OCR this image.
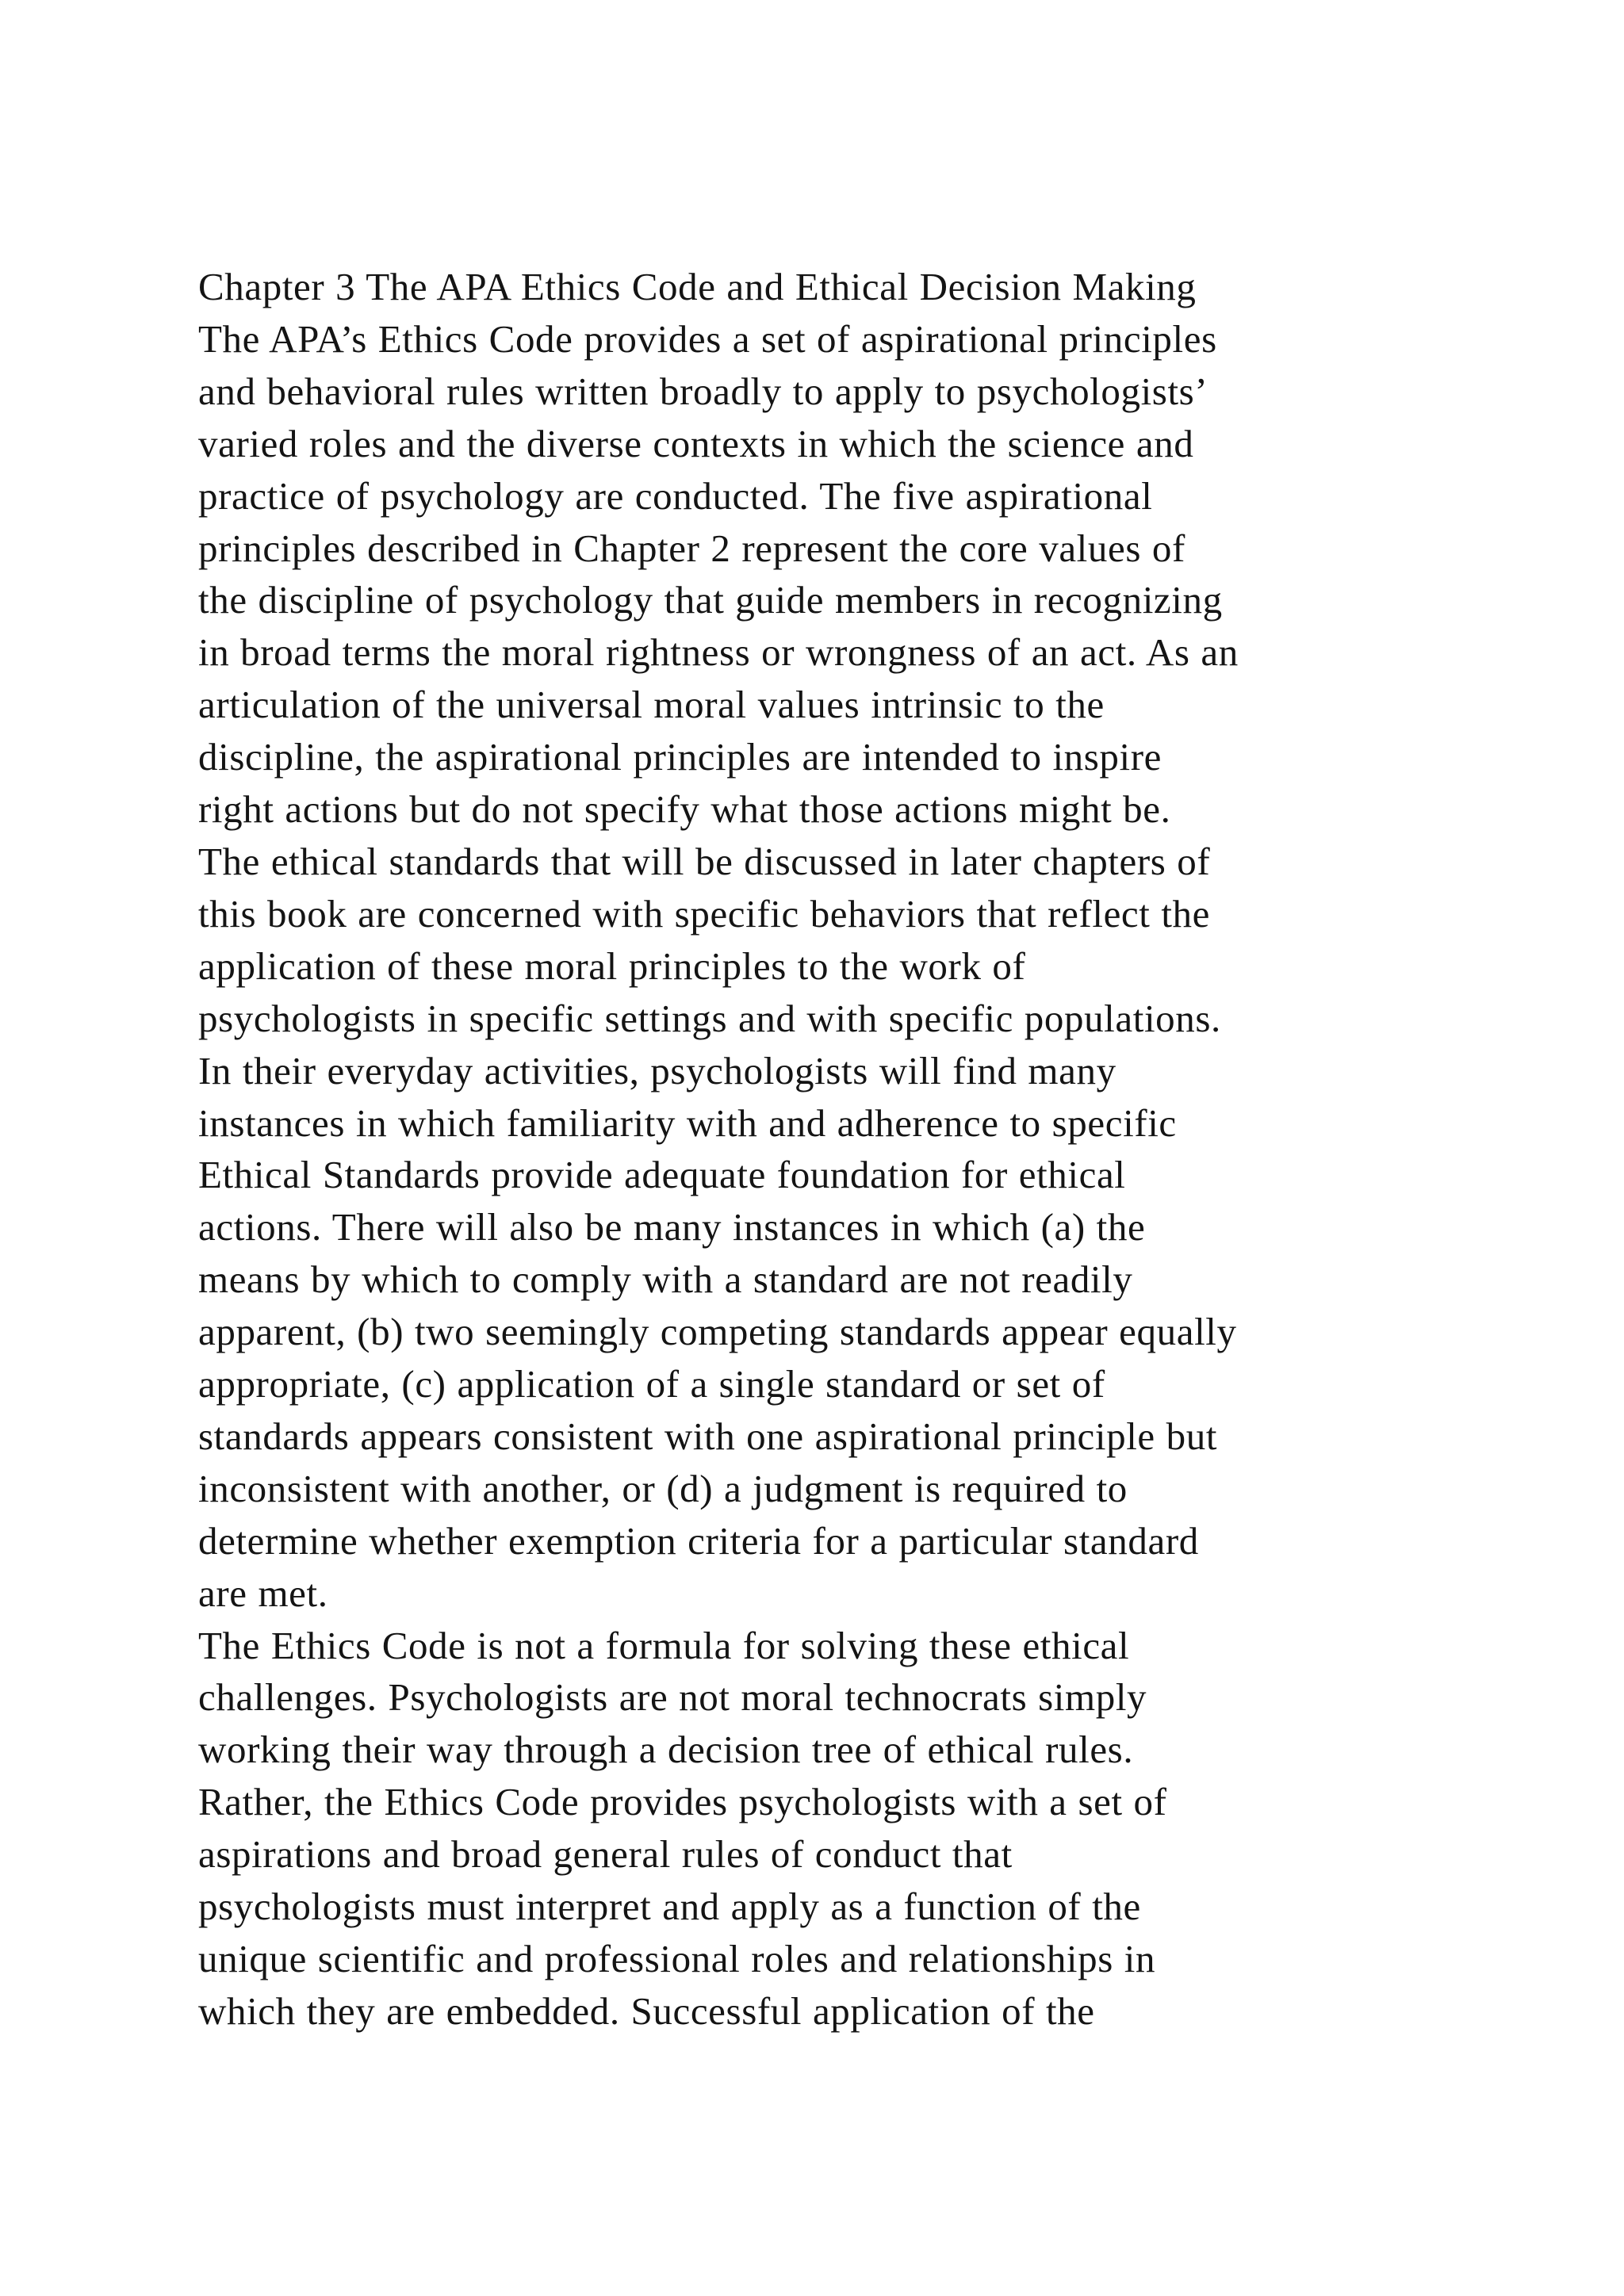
Chapter 3 The APA Ethics Code and Ethical Decision Making
The APA’s Ethics Code provides a set of aspirational principles
and behavioral rules written broadly to apply to psychologists’
varied roles and the diverse contexts in which the science and
practice of psychology are conducted. The five aspirational
principles described in Chapter 2 represent the core values of
the discipline of psychology that guide members in recognizing
in broad terms the moral rightness or wrongness of an act. As an
articulation of the universal moral values intrinsic to the
discipline, the aspirational principles are intended to inspire
right actions but do not specify what those actions might be.
The ethical standards that will be discussed in later chapters of
this book are concerned with specific behaviors that reflect the
application of these moral principles to the work of
psychologists in specific settings and with specific populations.
In their everyday activities, psychologists will find many
instances in which familiarity with and adherence to specific
Ethical Standards provide adequate foundation for ethical
actions. There will also be many instances in which (a) the
means by which to comply with a standard are not readily
apparent, (b) two seemingly competing standards appear equally
appropriate, (c) application of a single standard or set of
standards appears consistent with one aspirational principle but
inconsistent with another, or (d) a judgment is required to
determine whether exemption criteria for a particular standard
are met.
The Ethics Code is not a formula for solving these ethical
challenges. Psychologists are not moral technocrats simply
working their way through a decision tree of ethical rules.
Rather, the Ethics Code provides psychologists with a set of
aspirations and broad general rules of conduct that
psychologists must interpret and apply as a function of the
unique scientific and professional roles and relationships in
which they are embedded. Successful application of the
